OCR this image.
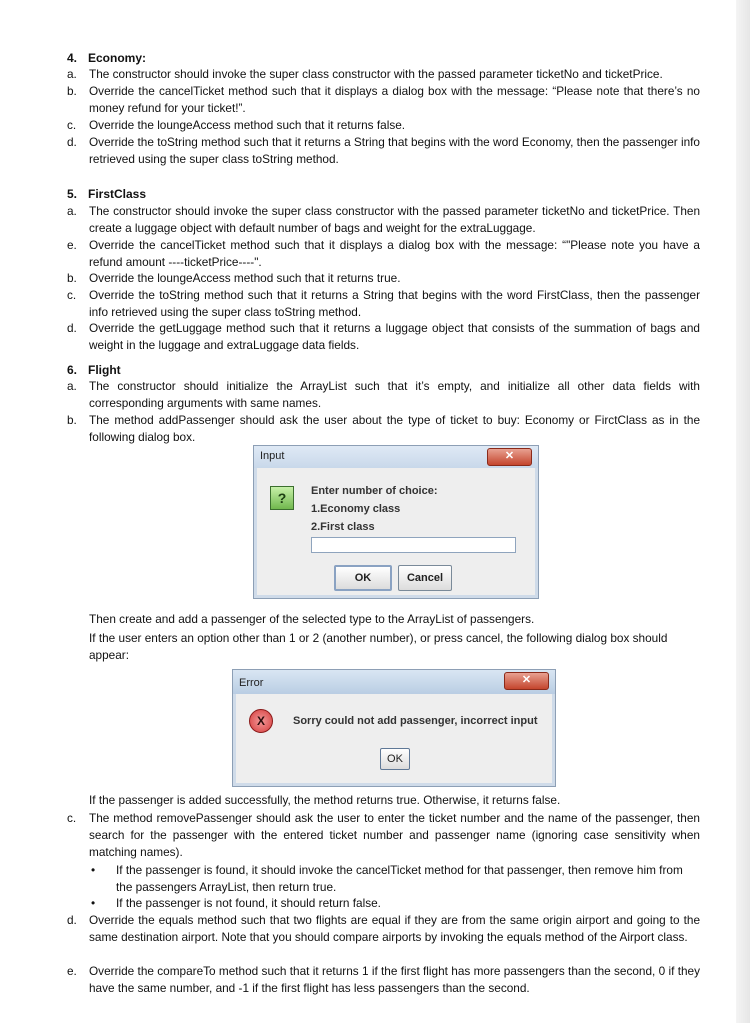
4. Economy:
a. The constructor should invoke the super class constructor with the passed parameter ticketNo and ticketPrice.
b. Override the cancelTicket method such that it displays a dialog box with the message: “Please note that there’s no money refund for your ticket!”.
c. Override the loungeAccess method such that it returns false.
d. Override the toString method such that it returns a String that begins with the word Economy, then the passenger info retrieved using the super class toString method.
5. FirstClass
a. The constructor should invoke the super class constructor with the passed parameter ticketNo and ticketPrice. Then create a luggage object with default number of bags and weight for the extraLuggage.
e. Override the cancelTicket method such that it displays a dialog box with the message: “"Please note you have a refund amount ----ticketPrice----".
b. Override the loungeAccess method such that it returns true.
c. Override the toString method such that it returns a String that begins with the word FirstClass, then the passenger info retrieved using the super class toString method.
d. Override the getLuggage method such that it returns a luggage object that consists of the summation of bags and weight in the luggage and extraLuggage data fields.
6. Flight
a. The constructor should initialize the ArrayList such that it’s empty, and initialize all other data fields with corresponding arguments with same names.
b. The method addPassenger should ask the user about the type of ticket to buy: Economy or FirctClass as in the following dialog box.
Input	✕
?	Enter number of choice:
1.Economy class
2.First class
OK	Cancel
Then create and add a passenger of the selected type to the ArrayList of passengers.
If the user enters an option other than 1 or 2 (another number), or press cancel, the following dialog box should appear:
Error	✕
X	Sorry could not add passenger, incorrect input
OK
If the passenger is added successfully, the method returns true. Otherwise, it returns false.
c. The method removePassenger should ask the user to enter the ticket number and the name of the passenger, then search for the passenger with the entered ticket number and passenger name (ignoring case sensitivity when matching names).
• If the passenger is found, it should invoke the cancelTicket method for that passenger, then remove him from the passengers ArrayList, then return true.
• If the passenger is not found, it should return false.
d. Override the equals method such that two flights are equal if they are from the same origin airport and going to the same destination airport. Note that you should compare airports by invoking the equals method of the Airport class.
e. Override the compareTo method such that it returns 1 if the first flight has more passengers than the second, 0 if they have the same number, and -1 if the first flight has less passengers than the second.
